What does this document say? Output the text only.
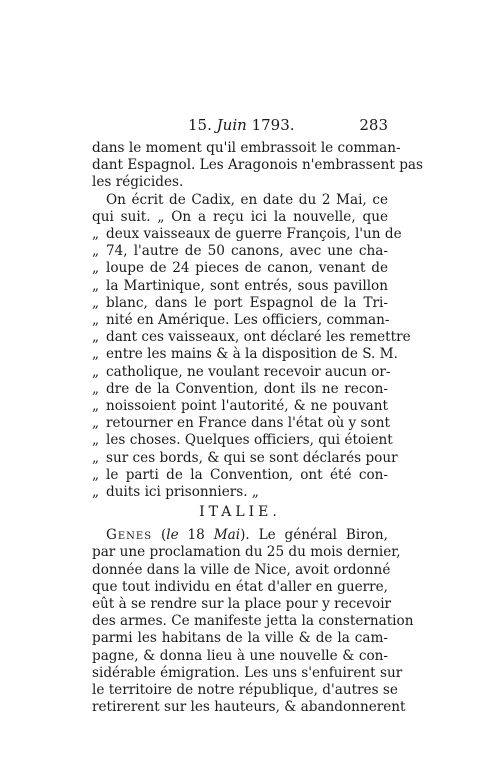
15. Juin 1793.	283
dans le moment qu'il embrassoit le comman-
dant Espagnol. Les Aragonois n'embrassent pas
les régicides.
On écrit de Cadix, en date du 2 Mai, ce
qui suit. „ On a reçu ici la nouvelle, que
„ deux vaisseaux de guerre François, l'un de
„ 74, l'autre de 50 canons, avec une cha-
„ loupe de 24 pieces de canon, venant de
„ la Martinique, sont entrés, sous pavillon
„ blanc, dans le port Espagnol de la Tri-
„ nité en Amérique. Les officiers, comman-
„ dant ces vaisseaux, ont déclaré les remettre
„ entre les mains & à la disposition de S. M.
„ catholique, ne voulant recevoir aucun or-
„ dre de la Convention, dont ils ne recon-
„ noissoient point l'autorité, & ne pouvant
„ retourner en France dans l'état où y sont
„ les choses. Quelques officiers, qui étoient
„ sur ces bords, & qui se sont déclarés pour
„ le parti de la Convention, ont été con-
„ duits ici prisonniers. „
ITALIE.
Genes (le 18 Mai). Le général Biron,
par une proclamation du 25 du mois dernier,
donnée dans la ville de Nice, avoit ordonné
que tout individu en état d'aller en guerre,
eût à se rendre sur la place pour y recevoir
des armes. Ce manifeste jetta la consternation
parmi les habitans de la ville & de la cam-
pagne, & donna lieu à une nouvelle & con-
sidérable émigration. Les uns s'enfuirent sur
le territoire de notre république, d'autres se
retirerent sur les hauteurs, & abandonnerent
